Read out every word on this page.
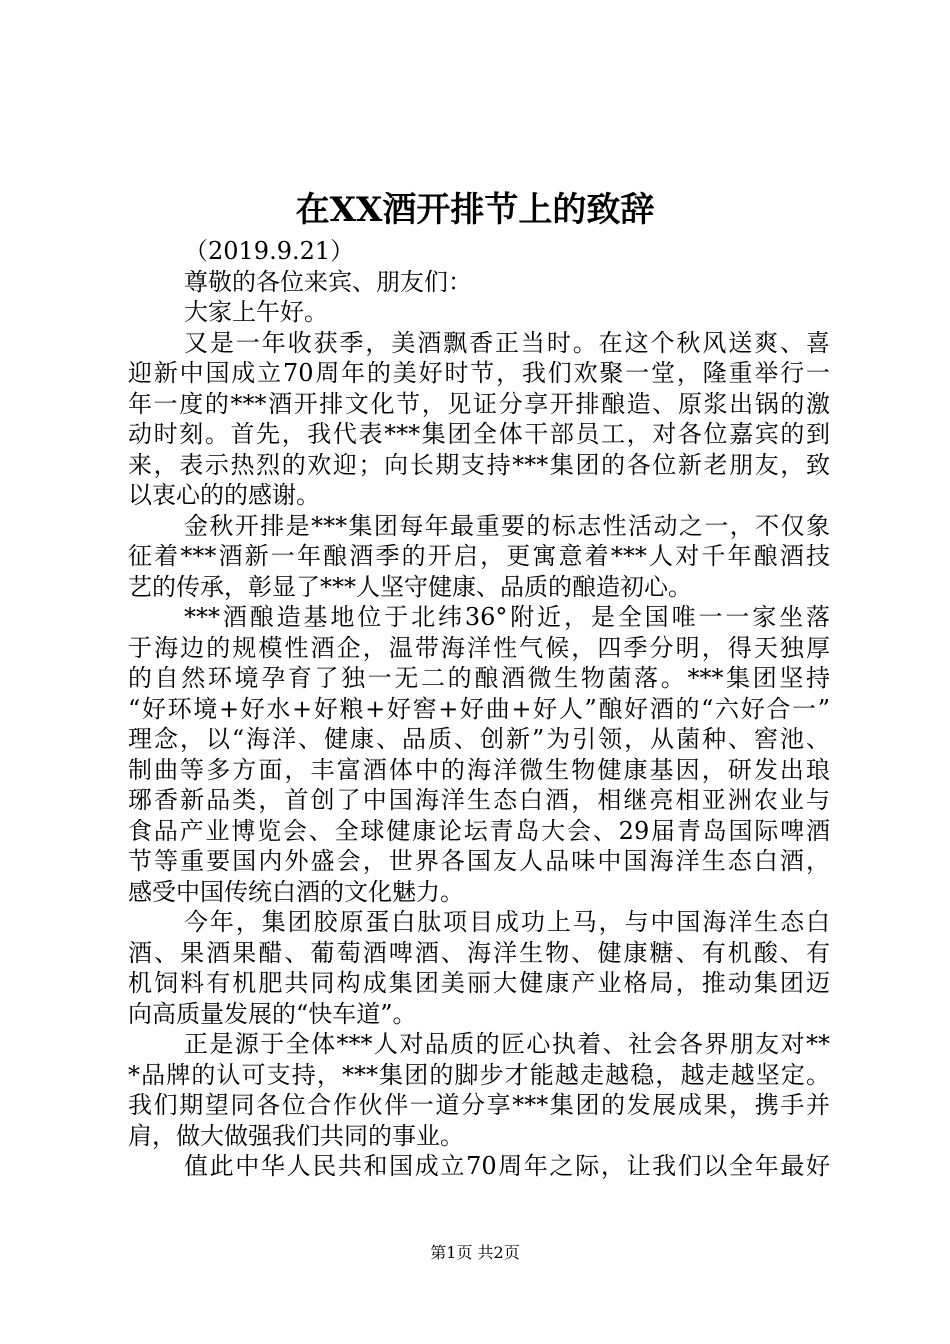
在XX酒开排节上的致辞
（2019.9.21）
尊敬的各位来宾、朋友们：
大家上午好。
又是一年收获季，美酒飘香正当时。在这个秋风送爽、喜
迎新中国成立70周年的美好时节，我们欢聚一堂，隆重举行一
年一度的***酒开排文化节，见证分享开排酿造、原浆出锅的激
动时刻。首先，我代表***集团全体干部员工，对各位嘉宾的到
来，表示热烈的欢迎；向长期支持***集团的各位新老朋友，致
以衷心的的感谢。
金秋开排是***集团每年最重要的标志性活动之一，不仅象
征着***酒新一年酿酒季的开启，更寓意着***人对千年酿酒技
艺的传承，彰显了***人坚守健康、品质的酿造初心。
***酒酿造基地位于北纬36°附近，是全国唯一一家坐落
于海边的规模性酒企，温带海洋性气候，四季分明，得天独厚
的自然环境孕育了独一无二的酿酒微生物菌落。***集团坚持
“好环境+好水+好粮+好窖+好曲+好人”酿好酒的“六好合一”
理念，以“海洋、健康、品质、创新”为引领，从菌种、窖池、
制曲等多方面，丰富酒体中的海洋微生物健康基因，研发出琅
琊香新品类，首创了中国海洋生态白酒，相继亮相亚洲农业与
食品产业博览会、全球健康论坛青岛大会、29届青岛国际啤酒
节等重要国内外盛会，世界各国友人品味中国海洋生态白酒，
感受中国传统白酒的文化魅力。
今年，集团胶原蛋白肽项目成功上马，与中国海洋生态白
酒、果酒果醋、葡萄酒啤酒、海洋生物、健康糖、有机酸、有
机饲料有机肥共同构成集团美丽大健康产业格局，推动集团迈
向高质量发展的“快车道”。
正是源于全体***人对品质的匠心执着、社会各界朋友对**
*品牌的认可支持，***集团的脚步才能越走越稳，越走越坚定。
我们期望同各位合作伙伴一道分享***集团的发展成果，携手并
肩，做大做强我们共同的事业。
值此中华人民共和国成立70周年之际，让我们以全年最好
第1页 共2页
